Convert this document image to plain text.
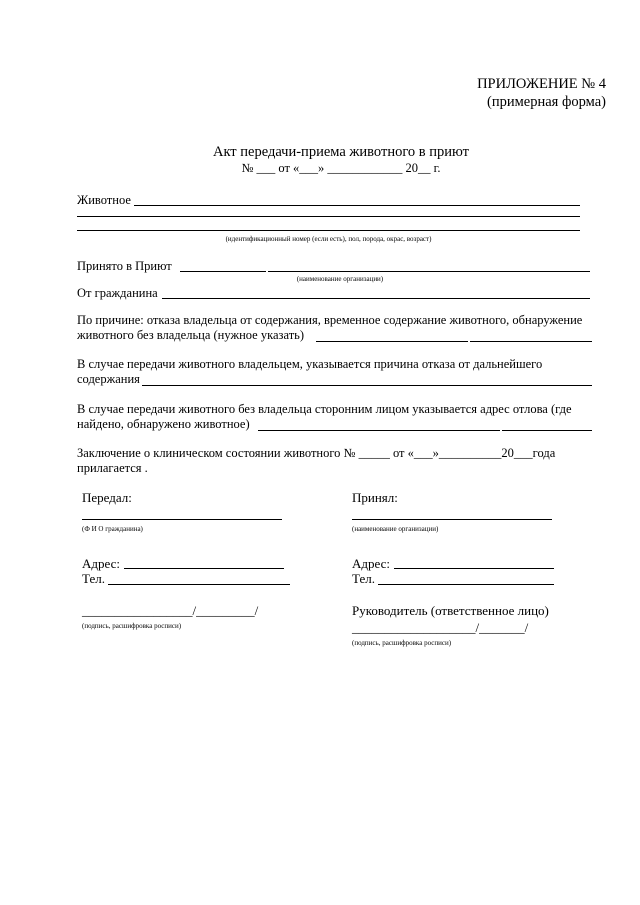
ПРИЛОЖЕНИЕ № 4
(примерная форма)
Акт передачи-приема животного в приют
№ ___ от «___» ____________ 20__ г.
Животное
(идентификационный номер (если есть), пол, порода, окрас, возраст)
Принято в Приют
(наименование организации)
От гражданина
По причине: отказа владельца от содержания, временное содержание животного, обнаружение
животного без владельца (нужное указать)
В случае передачи животного владельцем, указывается причина отказа от дальнейшего
содержания
В случае передачи животного без владельца сторонним лицом указывается адрес отлова (где
найдено, обнаружено животное)
Заключение о клиническом состоянии животного № _____ от «___»__________20___года
прилагается .
Передал:
(Ф И О гражданина)
Адрес:
Тел.
_________________/_________/
(подпись, расшифровка росписи)
Принял:
(наименование организации)
Адрес:
Тел.
Руководитель (ответственное лицо)
___________________/_______/
(подпись, расшифровка росписи)
